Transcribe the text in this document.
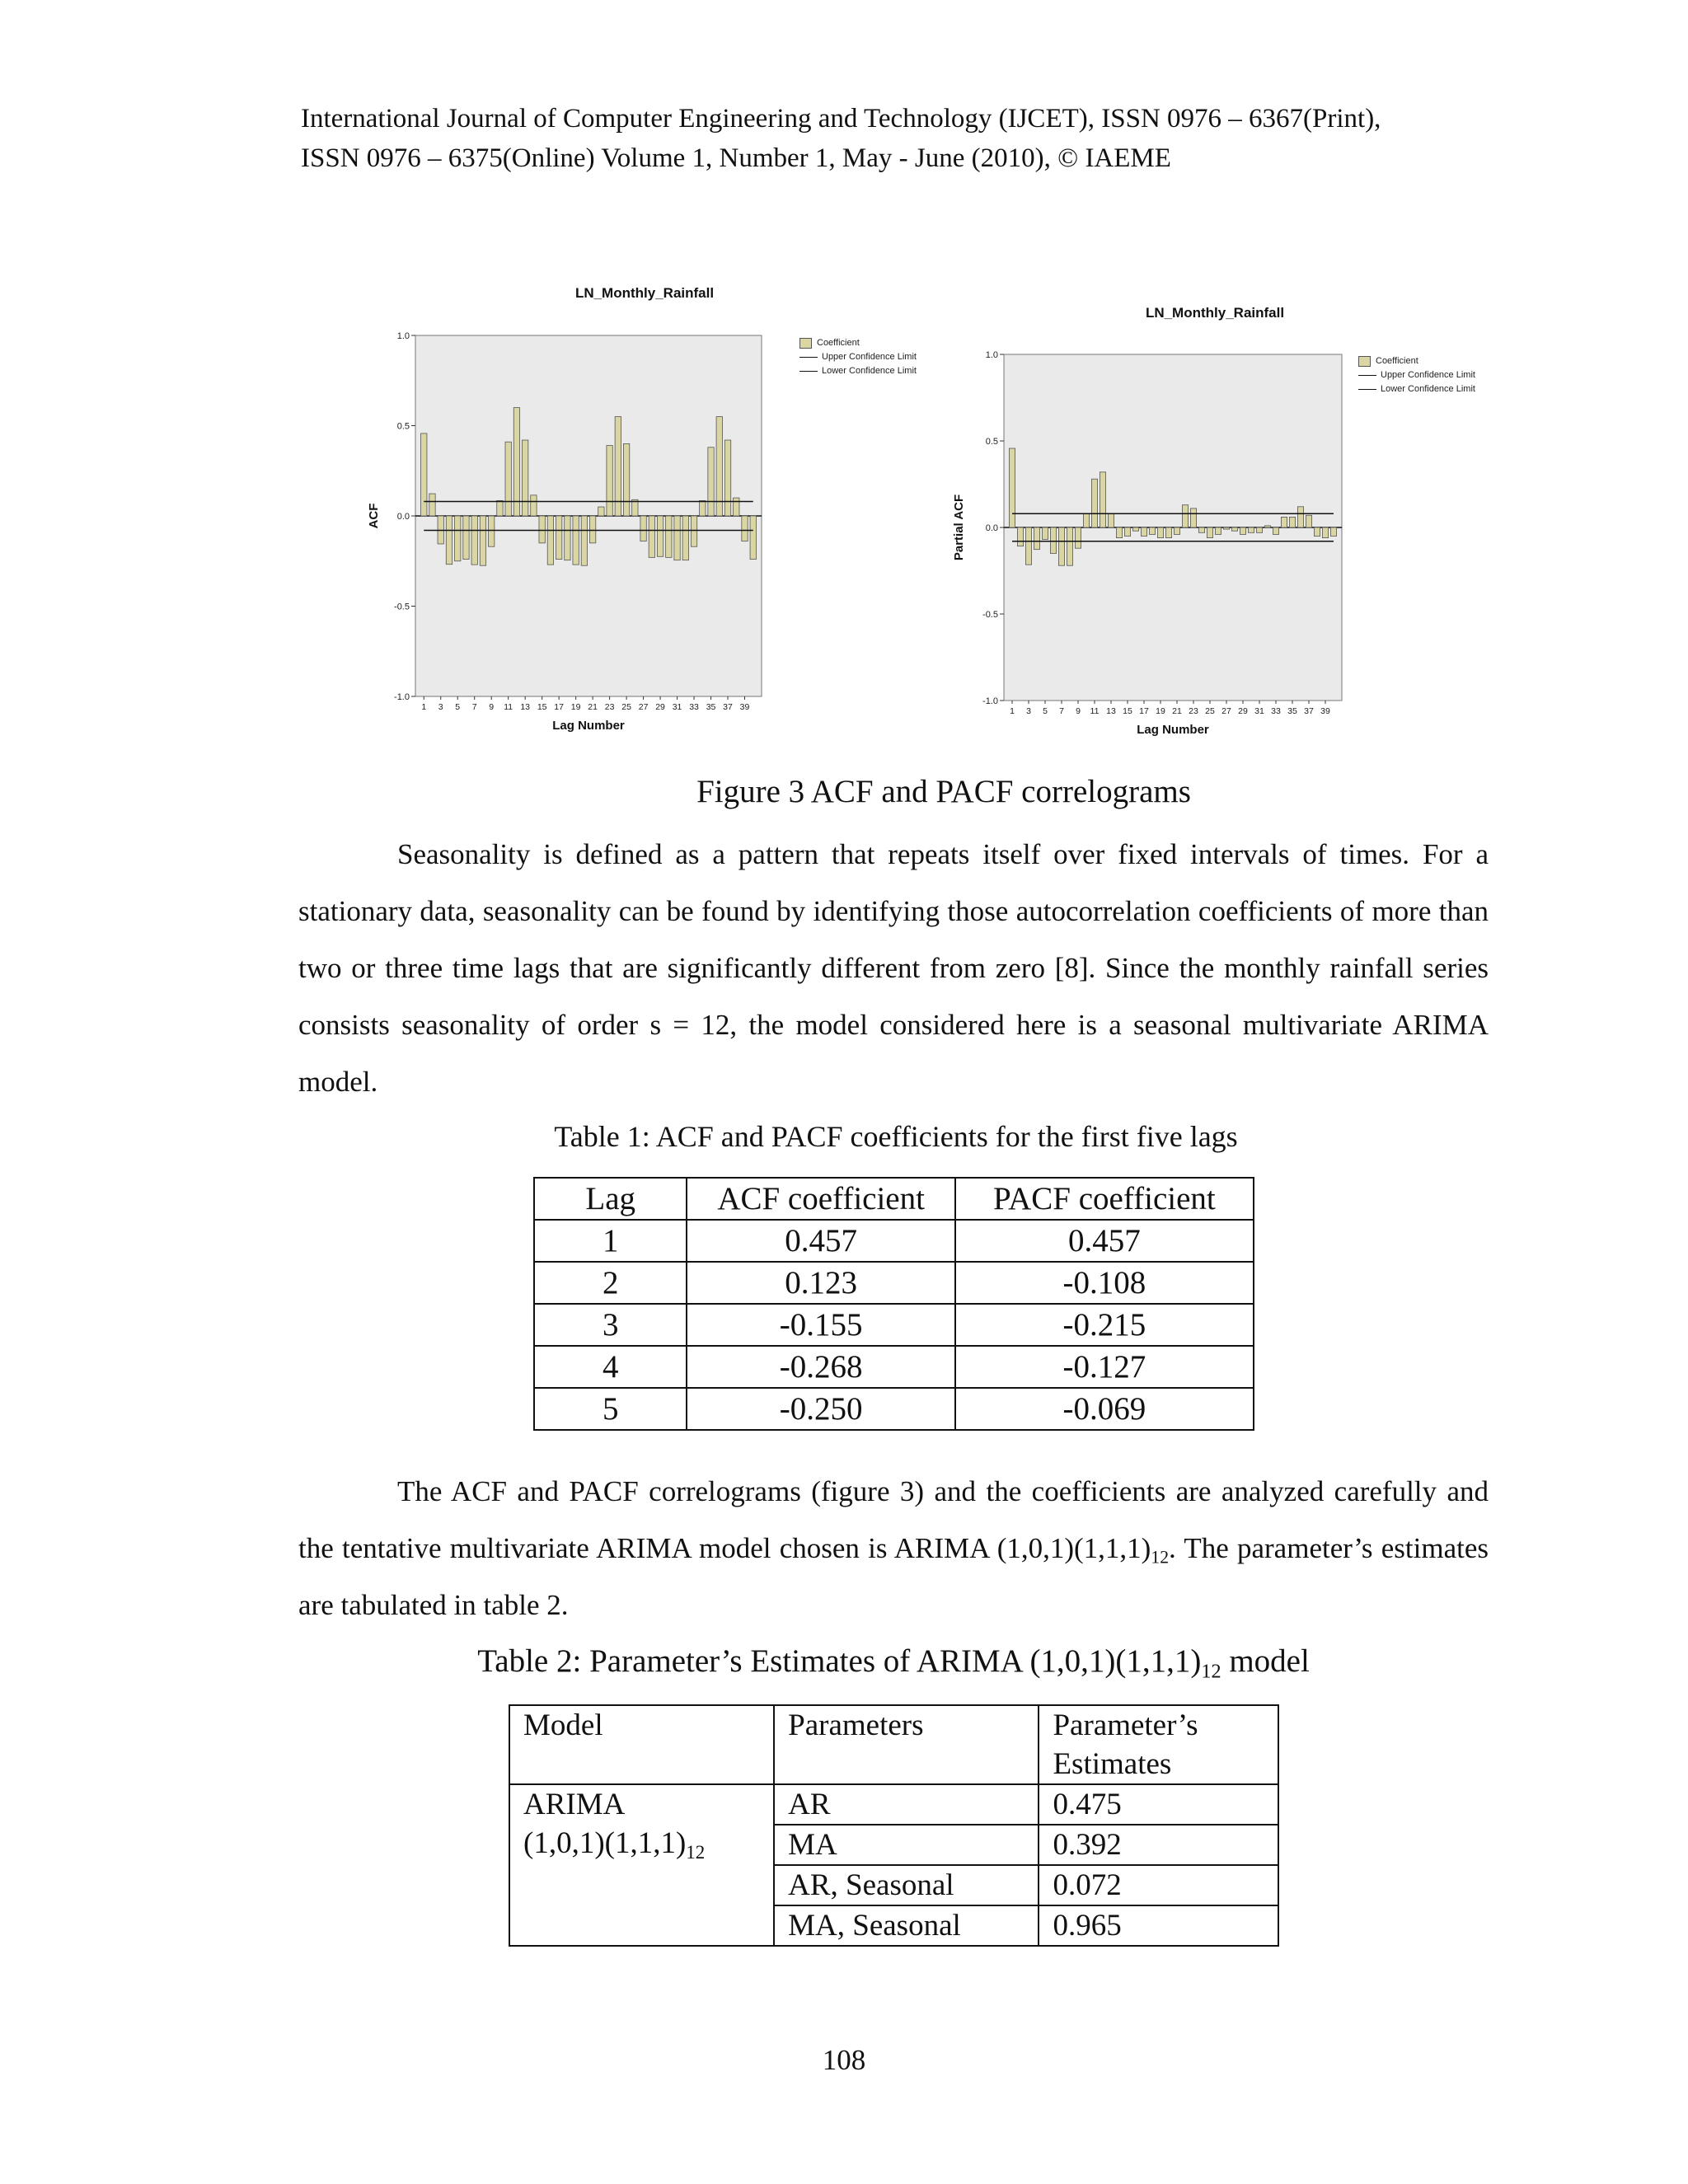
International Journal of Computer Engineering and Technology (IJCET), ISSN 0976 – 6367(Print),
ISSN 0976 – 6375(Online) Volume 1, Number 1, May - June (2010), © IAEME
LN_Monthly_Rainfall
Coefficient
Upper Confidence Limit
Lower Confidence Limit
1.0
0.5
0.0
-0.5
-1.0
1 3 5 7 9 11 13 15 17 19 21 23 25 27 29 31 33 35 37 39
Lag Number
ACF
LN_Monthly_Rainfall
Coefficient
Upper Confidence Limit
Lower Confidence Limit
1.0
0.5
0.0
-0.5
-1.0
1 3 5 7 9 11 13 15 17 19 21 23 25 27 29 31 33 35 37 39
Lag Number
Partial ACF
Figure 3 ACF and PACF correlograms
Seasonality is defined as a pattern that repeats itself over fixed intervals of times. For a stationary data, seasonality can be found by identifying those autocorrelation coefficients of more than two or three time lags that are significantly different from zero [8]. Since the monthly rainfall series consists seasonality of order s = 12, the model considered here is a seasonal multivariate ARIMA model.
Table 1: ACF and PACF coefficients for the first five lags
Lag	ACF coefficient	PACF coefficient
1	0.457	0.457
2	0.123	-0.108
3	-0.155	-0.215
4	-0.268	-0.127
5	-0.250	-0.069
The ACF and PACF correlograms (figure 3) and the coefficients are analyzed carefully and the tentative multivariate ARIMA model chosen is ARIMA $(1,0,1)(1,1,1)_{12}$. The parameter’s estimates are tabulated in table 2.
Table 2: Parameter’s Estimates of ARIMA $(1,0,1)(1,1,1)_{12}$ model
Model	Parameters	Parameter’s Estimates
ARIMA
$(1,0,1)(1,1,1)_{12}$	AR	0.475
	MA	0.392
	AR, Seasonal	0.072
	MA, Seasonal	0.965
108
